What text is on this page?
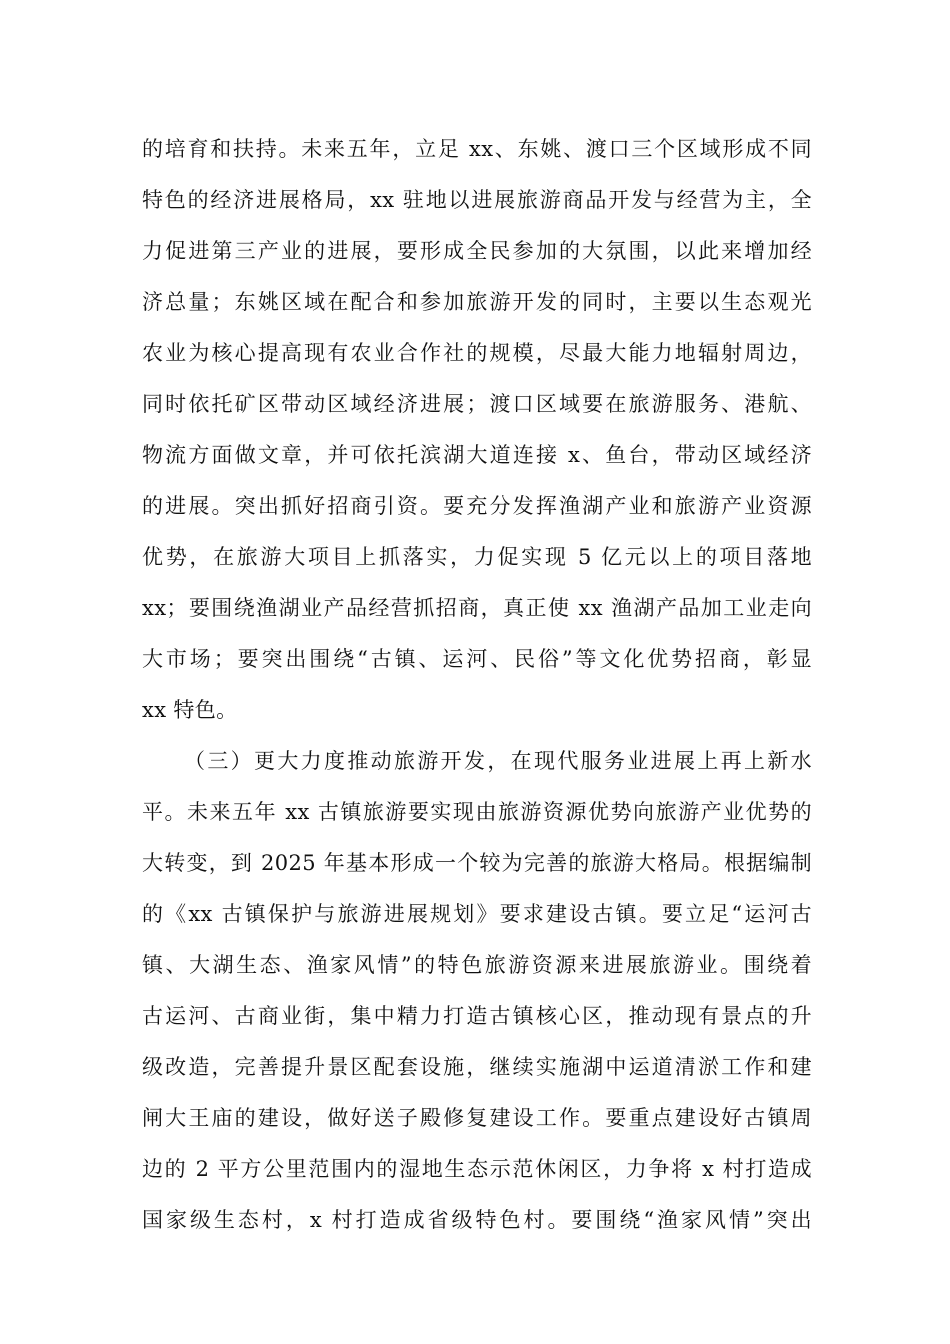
的培育和扶持。未来五年，立足 xx、东姚、渡口三个区域形成不同
特色的经济进展格局，xx 驻地以进展旅游商品开发与经营为主，全
力促进第三产业的进展，要形成全民参加的大氛围，以此来增加经
济总量；东姚区域在配合和参加旅游开发的同时，主要以生态观光
农业为核心提高现有农业合作社的规模，尽最大能力地辐射周边，
同时依托矿区带动区域经济进展；渡口区域要在旅游服务、港航、
物流方面做文章，并可依托滨湖大道连接 x、鱼台，带动区域经济
的进展。突出抓好招商引资。要充分发挥渔湖产业和旅游产业资源
优势，在旅游大项目上抓落实，力促实现 5 亿元以上的项目落地
xx；要围绕渔湖业产品经营抓招商，真正使 xx 渔湖产品加工业走向
大市场；要突出围绕“古镇、运河、民俗”等文化优势招商，彰显
xx 特色。
（三）更大力度推动旅游开发，在现代服务业进展上再上新水
平。未来五年 xx 古镇旅游要实现由旅游资源优势向旅游产业优势的
大转变，到 2025 年基本形成一个较为完善的旅游大格局。根据编制
的《xx 古镇保护与旅游进展规划》要求建设古镇。要立足“运河古
镇、大湖生态、渔家风情”的特色旅游资源来进展旅游业。围绕着
古运河、古商业街，集中精力打造古镇核心区，推动现有景点的升
级改造，完善提升景区配套设施，继续实施湖中运道清淤工作和建
闸大王庙的建设，做好送子殿修复建设工作。要重点建设好古镇周
边的 2 平方公里范围内的湿地生态示范休闲区，力争将 x 村打造成
国家级生态村，x 村打造成省级特色村。要围绕“渔家风情”突出
